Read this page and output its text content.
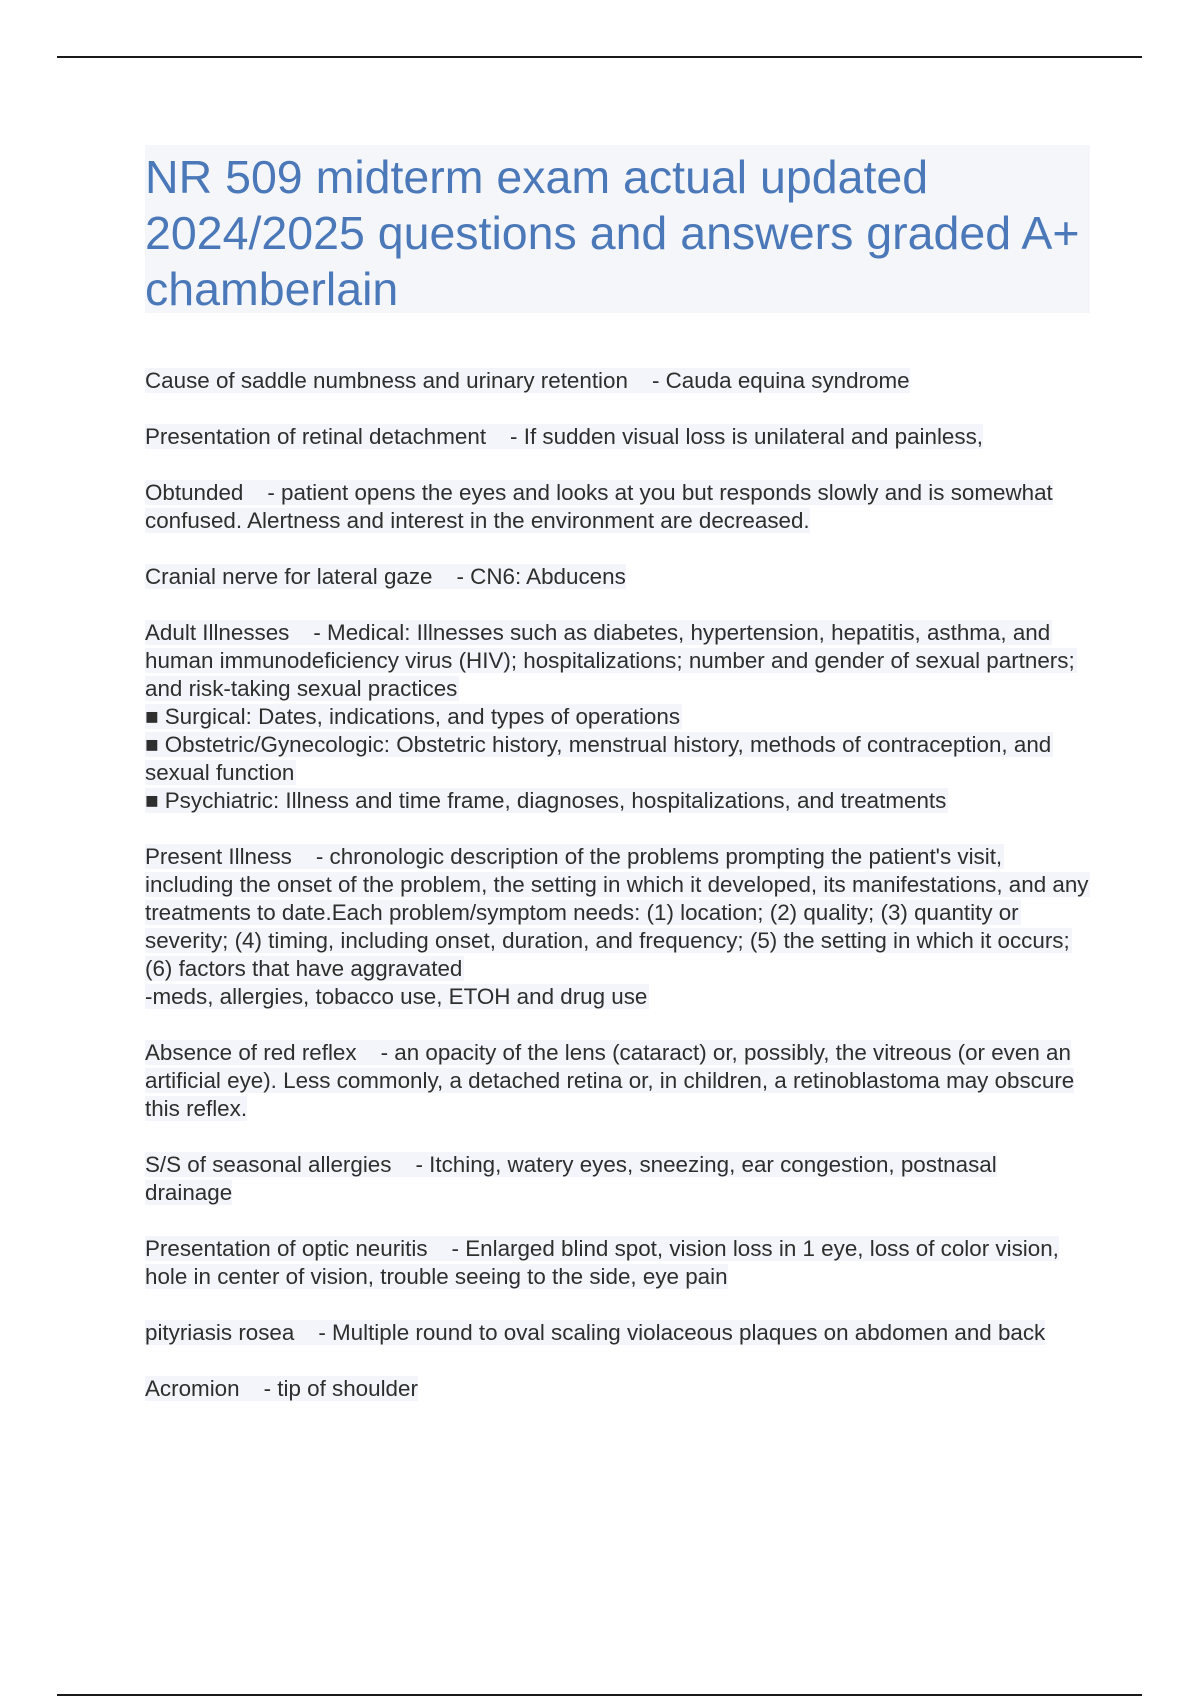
NR 509 midterm exam actual updated 2024/2025 questions and answers graded A+ chamberlain

Cause of saddle numbness and urinary retention - Cauda equina syndrome

Presentation of retinal detachment - If sudden visual loss is unilateral and painless,

Obtunded - patient opens the eyes and looks at you but responds slowly and is somewhat confused. Alertness and interest in the environment are decreased.

Cranial nerve for lateral gaze - CN6: Abducens

Adult Illnesses - Medical: Illnesses such as diabetes, hypertension, hepatitis, asthma, and human immunodeficiency virus (HIV); hospitalizations; number and gender of sexual partners; and risk-taking sexual practices
■ Surgical: Dates, indications, and types of operations
■ Obstetric/Gynecologic: Obstetric history, menstrual history, methods of contraception, and sexual function
■ Psychiatric: Illness and time frame, diagnoses, hospitalizations, and treatments

Present Illness - chronologic description of the problems prompting the patient's visit, including the onset of the problem, the setting in which it developed, its manifestations, and any treatments to date.Each problem/symptom needs: (1) location; (2) quality; (3) quantity or severity; (4) timing, including onset, duration, and frequency; (5) the setting in which it occurs; (6) factors that have aggravated
-meds, allergies, tobacco use, ETOH and drug use

Absence of red reflex - an opacity of the lens (cataract) or, possibly, the vitreous (or even an artificial eye). Less commonly, a detached retina or, in children, a retinoblastoma may obscure this reflex.

S/S of seasonal allergies - Itching, watery eyes, sneezing, ear congestion, postnasal drainage

Presentation of optic neuritis - Enlarged blind spot, vision loss in 1 eye, loss of color vision, hole in center of vision, trouble seeing to the side, eye pain

pityriasis rosea - Multiple round to oval scaling violaceous plaques on abdomen and back

Acromion - tip of shoulder
